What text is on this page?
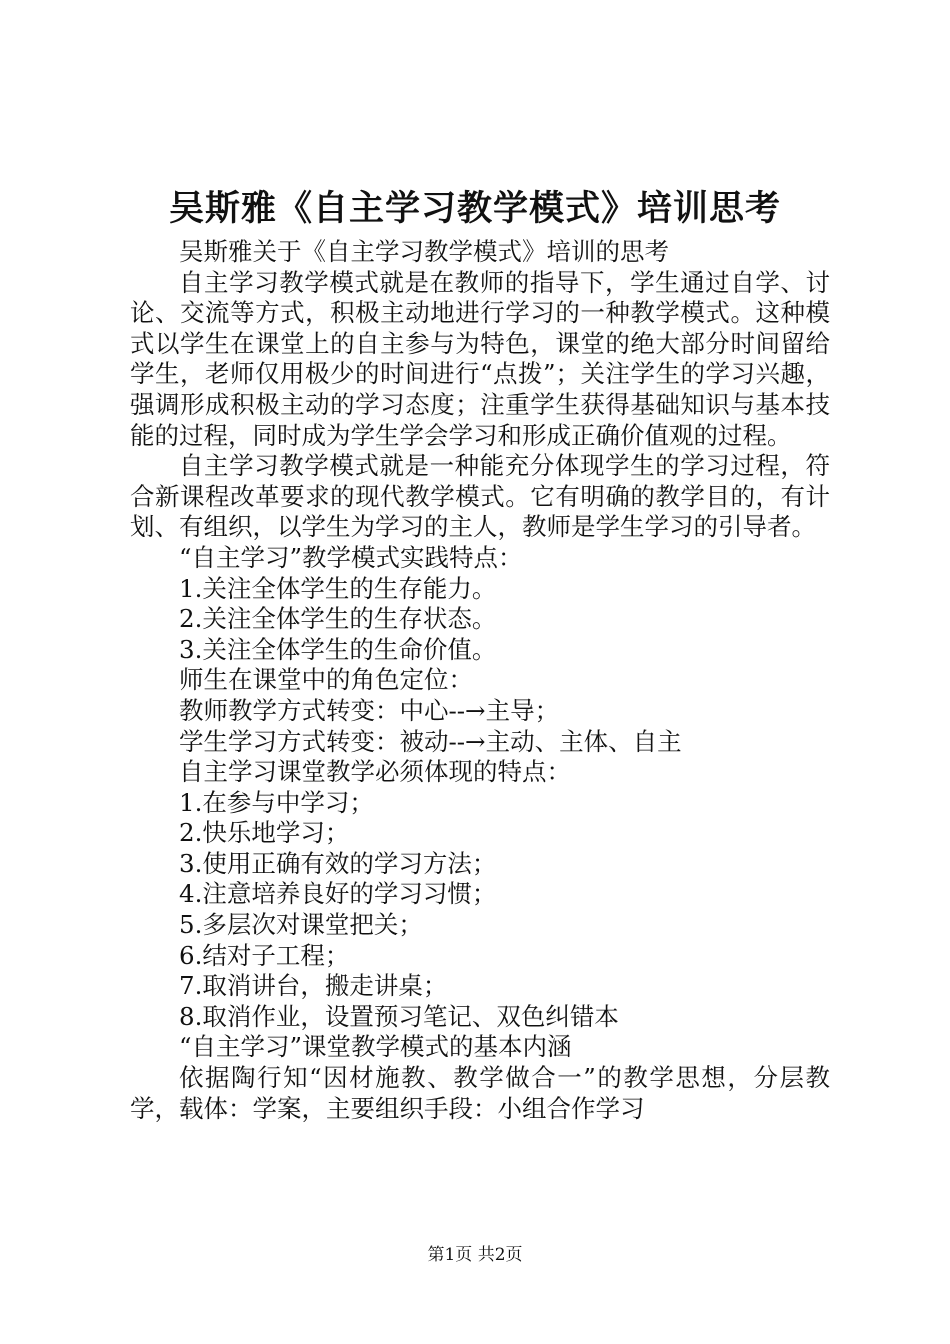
吴斯雅《自主学习教学模式》培训思考

吴斯雅关于《自主学习教学模式》培训的思考

自主学习教学模式就是在教师的指导下，学生通过自学、讨论、交流等方式，积极主动地进行学习的一种教学模式。这种模式以学生在课堂上的自主参与为特色，课堂的绝大部分时间留给学生，老师仅用极少的时间进行“点拨”；关注学生的学习兴趣，强调形成积极主动的学习态度；注重学生获得基础知识与基本技能的过程，同时成为学生学会学习和形成正确价值观的过程。

自主学习教学模式就是一种能充分体现学生的学习过程，符合新课程改革要求的现代教学模式。它有明确的教学目的，有计划、有组织，以学生为学习的主人，教师是学生学习的引导者。

“自主学习”教学模式实践特点：

1.关注全体学生的生存能力。

2.关注全体学生的生存状态。

3.关注全体学生的生命价值。

师生在课堂中的角色定位：

教师教学方式转变：中心--→主导；

学生学习方式转变：被动--→主动、主体、自主

自主学习课堂教学必须体现的特点：

1.在参与中学习；

2.快乐地学习；

3.使用正确有效的学习方法；

4.注意培养良好的学习习惯；

5.多层次对课堂把关；

6.结对子工程；

7.取消讲台，搬走讲桌；

8.取消作业，设置预习笔记、双色纠错本

“自主学习”课堂教学模式的基本内涵

依据陶行知“因材施教、教学做合一”的教学思想，分层教学，载体：学案，主要组织手段：小组合作学习

第1页 共2页
